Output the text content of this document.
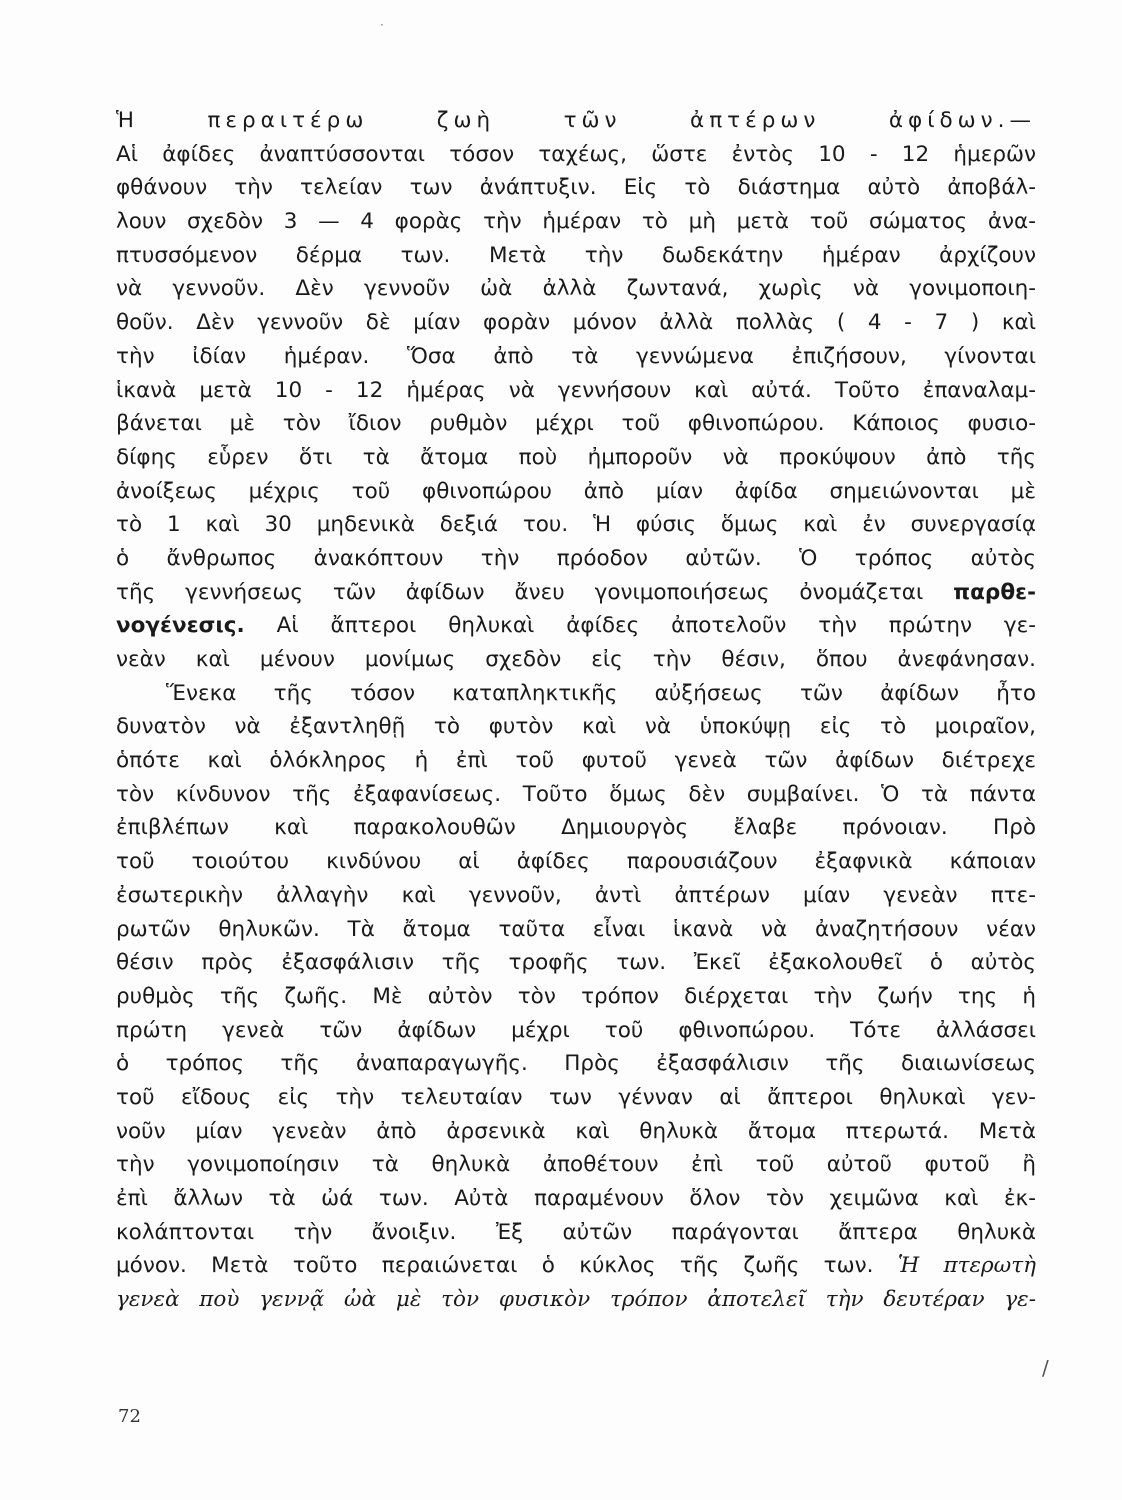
·
Ἡ περαιτέρω ζωὴ τῶν ἀπτέρων ἀφίδων.—
Αἱ ἀφίδες ἀναπτύσσονται τόσον ταχέως, ὥστε ἐντὸς 10 - 12 ἡμερῶν
φθάνουν τὴν τελείαν των ἀνάπτυξιν. Εἰς τὸ διάστημα αὐτὸ ἀποβάλ-
λουν σχεδὸν 3 — 4 φορὰς τὴν ἡμέραν τὸ μὴ μετὰ τοῦ σώματος ἀνα-
πτυσσόμενον δέρμα των. Μετὰ τὴν δωδεκάτην ἡμέραν ἀρχίζουν
νὰ γεννοῦν. Δὲν γεννοῦν ὠὰ ἀλλὰ ζωντανά, χωρὶς νὰ γονιμοποιη-
θοῦν. Δὲν γεννοῦν δὲ μίαν φορὰν μόνον ἀλλὰ πολλὰς ( 4 - 7 ) καὶ
τὴν ἰδίαν ἡμέραν. Ὅσα ἀπὸ τὰ γεννώμενα ἐπιζήσουν, γίνονται
ἱκανὰ μετὰ 10 - 12 ἡμέρας νὰ γεννήσουν καὶ αὐτά. Τοῦτο ἐπαναλαμ-
βάνεται μὲ τὸν ἴδιον ρυθμὸν μέχρι τοῦ φθινοπώρου. Κάποιος φυσιο-
δίφης εὗρεν ὅτι τὰ ἄτομα ποὺ ἠμποροῦν νὰ προκύψουν ἀπὸ τῆς
ἀνοίξεως μέχρις τοῦ φθινοπώρου ἀπὸ μίαν ἀφίδα σημειώνονται μὲ
τὸ 1 καὶ 30 μηδενικὰ δεξιά του. Ἡ φύσις ὅμως καὶ ἐν συνεργασίᾳ
ὁ ἄνθρωπος ἀνακόπτουν τὴν πρόοδον αὐτῶν. Ὁ τρόπος αὐτὸς
τῆς γεννήσεως τῶν ἀφίδων ἄνευ γονιμοποιήσεως ὀνομάζεται παρθε-
νογένεσις. Αἱ ἄπτεροι θηλυκαὶ ἀφίδες ἀποτελοῦν τὴν πρώτην γε-
νεὰν καὶ μένουν μονίμως σχεδὸν εἰς τὴν θέσιν, ὅπου ἀνεφάνησαν.
Ἕνεκα τῆς τόσον καταπληκτικῆς αὐξήσεως τῶν ἀφίδων ἦτο
δυνατὸν νὰ ἐξαντληθῇ τὸ φυτὸν καὶ νὰ ὑποκύψῃ εἰς τὸ μοιραῖον,
ὁπότε καὶ ὁλόκληρος ἡ ἐπὶ τοῦ φυτοῦ γενεὰ τῶν ἀφίδων διέτρεχε
τὸν κίνδυνον τῆς ἐξαφανίσεως. Τοῦτο ὅμως δὲν συμβαίνει. Ὁ τὰ πάντα
ἐπιβλέπων καὶ παρακολουθῶν Δημιουργὸς ἔλαβε πρόνοιαν. Πρὸ
τοῦ τοιούτου κινδύνου αἱ ἀφίδες παρουσιάζουν ἐξαφνικὰ κάποιαν
ἐσωτερικὴν ἀλλαγὴν καὶ γεννοῦν, ἀντὶ ἀπτέρων μίαν γενεὰν πτε-
ρωτῶν θηλυκῶν. Τὰ ἄτομα ταῦτα εἶναι ἱκανὰ νὰ ἀναζητήσουν νέαν
θέσιν πρὸς ἐξασφάλισιν τῆς τροφῆς των. Ἐκεῖ ἐξακολουθεῖ ὁ αὐτὸς
ρυθμὸς τῆς ζωῆς. Μὲ αὐτὸν τὸν τρόπον διέρχεται τὴν ζωήν της ἡ
πρώτη γενεὰ τῶν ἀφίδων μέχρι τοῦ φθινοπώρου. Τότε ἀλλάσσει
ὁ τρόπος τῆς ἀναπαραγωγῆς. Πρὸς ἐξασφάλισιν τῆς διαιωνίσεως
τοῦ εἴδους εἰς τὴν τελευταίαν των γένναν αἱ ἄπτεροι θηλυκαὶ γεν-
νοῦν μίαν γενεὰν ἀπὸ ἀρσενικὰ καὶ θηλυκὰ ἄτομα πτερωτά. Μετὰ
τὴν γονιμοποίησιν τὰ θηλυκὰ ἀποθέτουν ἐπὶ τοῦ αὐτοῦ φυτοῦ ἢ
ἐπὶ ἄλλων τὰ ὠά των. Αὐτὰ παραμένουν ὅλον τὸν χειμῶνα καὶ ἐκ-
κολάπτονται τὴν ἄνοιξιν. Ἐξ αὐτῶν παράγονται ἄπτερα θηλυκὰ
μόνον. Μετὰ τοῦτο περαιώνεται ὁ κύκλος τῆς ζωῆς των. Ἡ πτερωτὴ
γενεὰ ποὺ γεννᾷ ὠὰ μὲ τὸν φυσικὸν τρόπον ἀποτελεῖ τὴν δευτέραν γε-
/
72
